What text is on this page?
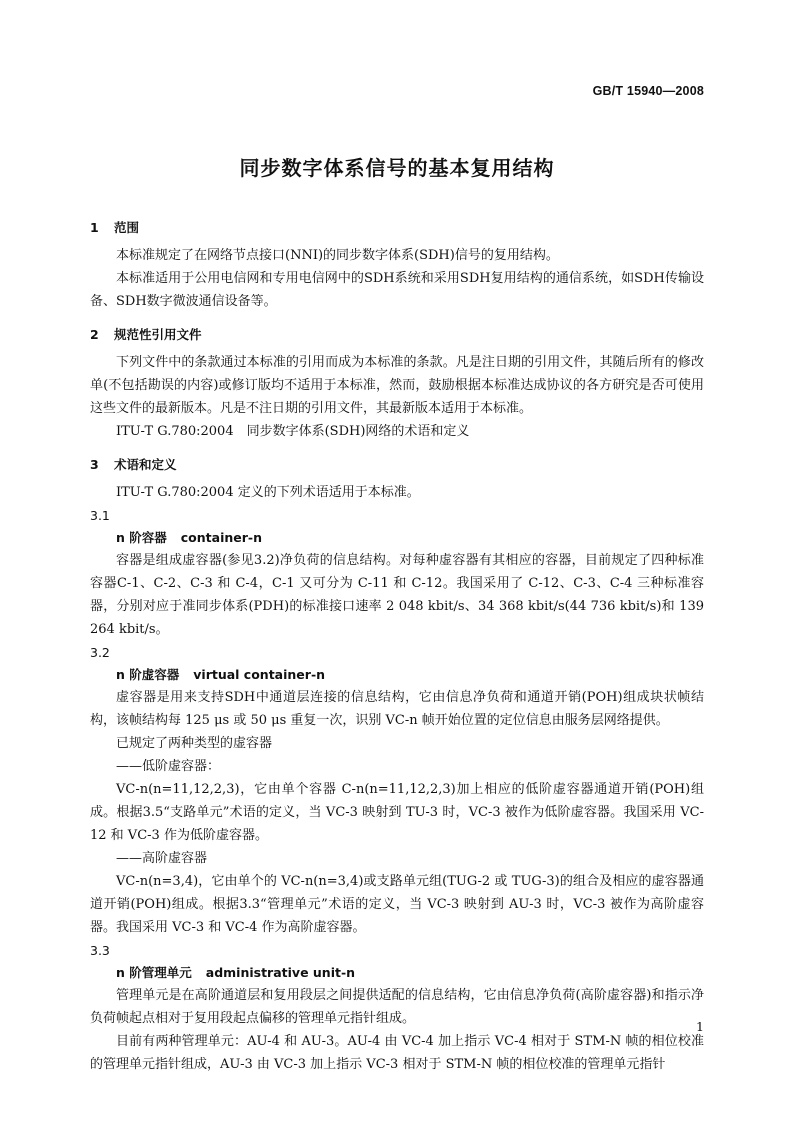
GB/T 15940—2008
同步数字体系信号的基本复用结构
1 范围

本标准规定了在网络节点接口(NNI)的同步数字体系(SDH)信号的复用结构。

本标准适用于公用电信网和专用电信网中的SDH系统和采用SDH复用结构的通信系统，如SDH传输设备、SDH数字微波通信设备等。

2 规范性引用文件

下列文件中的条款通过本标准的引用而成为本标准的条款。凡是注日期的引用文件，其随后所有的修改单(不包括勘误的内容)或修订版均不适用于本标准，然而，鼓励根据本标准达成协议的各方研究是否可使用这些文件的最新版本。凡是不注日期的引用文件，其最新版本适用于本标准。

ITU-T G.780:2004　同步数字体系(SDH)网络的术语和定义

3 术语和定义

ITU-T G.780:2004 定义的下列术语适用于本标准。

3.1
n 阶容器 container-n

容器是组成虚容器(参见3.2)净负荷的信息结构。对每种虚容器有其相应的容器，目前规定了四种标准容器C-1、C-2、C-3 和 C-4，C-1 又可分为 C-11 和 C-12。我国采用了 C-12、C-3、C-4 三种标准容器，分别对应于准同步体系(PDH)的标准接口速率 2 048 kbit/s、34 368 kbit/s(44 736 kbit/s)和 139 264 kbit/s。

3.2
n 阶虚容器 virtual container-n

虚容器是用来支持SDH中通道层连接的信息结构，它由信息净负荷和通道开销(POH)组成块状帧结构，该帧结构每 125 μs 或 50 μs 重复一次，识别 VC-n 帧开始位置的定位信息由服务层网络提供。

已规定了两种类型的虚容器

——低阶虚容器：

VC-n(n=11,12,2,3)，它由单个容器 C-n(n=11,12,2,3)加上相应的低阶虚容器通道开销(POH)组成。根据3.5“支路单元”术语的定义，当 VC-3 映射到 TU-3 时，VC-3 被作为低阶虚容器。我国采用 VC-12 和 VC-3 作为低阶虚容器。

——高阶虚容器

VC-n(n=3,4)，它由单个的 VC-n(n=3,4)或支路单元组(TUG-2 或 TUG-3)的组合及相应的虚容器通道开销(POH)组成。根据3.3“管理单元”术语的定义，当 VC-3 映射到 AU-3 时，VC-3 被作为高阶虚容器。我国采用 VC-3 和 VC-4 作为高阶虚容器。

3.3
n 阶管理单元 administrative unit-n

管理单元是在高阶通道层和复用段层之间提供适配的信息结构，它由信息净负荷(高阶虚容器)和指示净负荷帧起点相对于复用段起点偏移的管理单元指针组成。

目前有两种管理单元：AU-4 和 AU-3。AU-4 由 VC-4 加上指示 VC-4 相对于 STM-N 帧的相位校准的管理单元指针组成，AU-3 由 VC-3 加上指示 VC-3 相对于 STM-N 帧的相位校准的管理单元指针

1
